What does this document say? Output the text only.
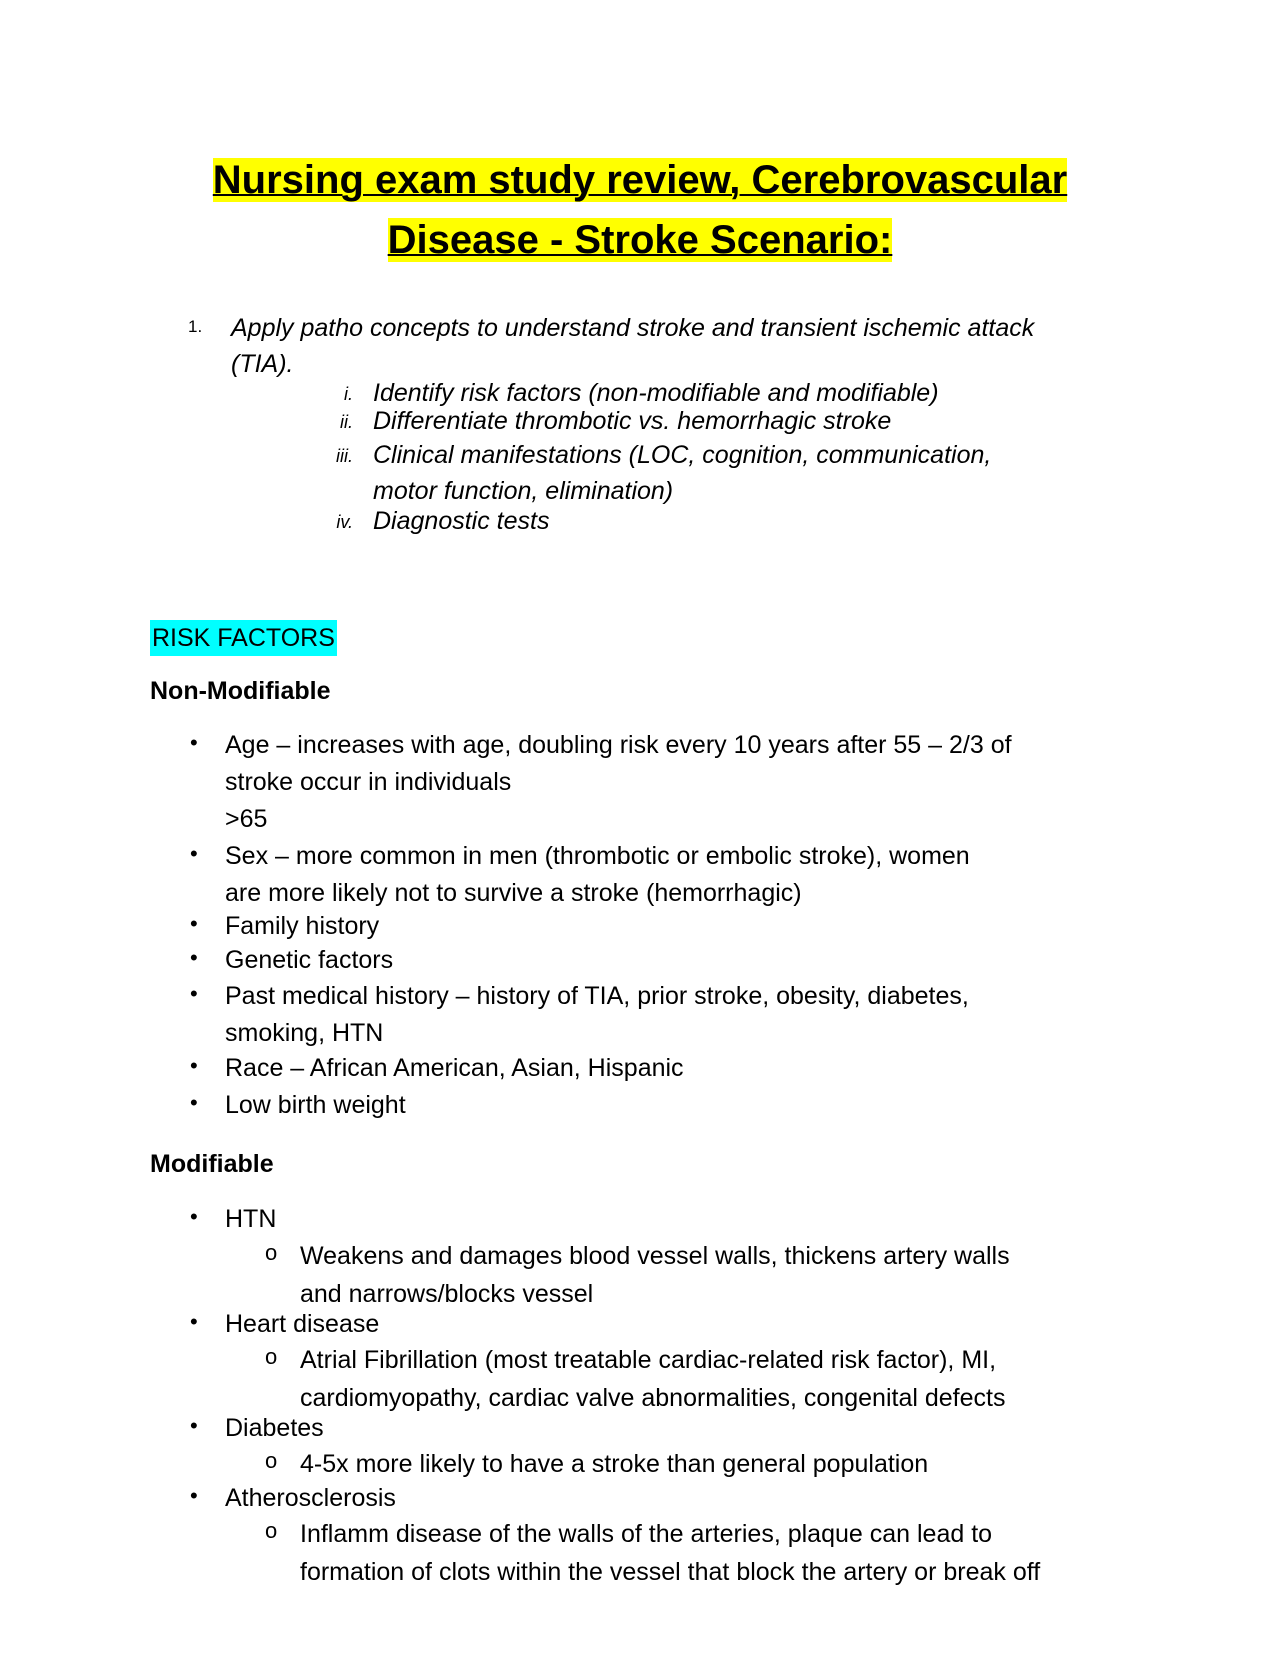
Nursing exam study review, Cerebrovascular
Disease - Stroke Scenario:
1. Apply patho concepts to understand stroke and transient ischemic attack
(TIA).
i. Identify risk factors (non-modifiable and modifiable)
ii. Differentiate thrombotic vs. hemorrhagic stroke
iii. Clinical manifestations (LOC, cognition, communication,
motor function, elimination)
iv. Diagnostic tests
RISK FACTORS
Non-Modifiable
• Age – increases with age, doubling risk every 10 years after 55 – 2/3 of
stroke occur in individuals
>65
• Sex – more common in men (thrombotic or embolic stroke), women
are more likely not to survive a stroke (hemorrhagic)
• Family history
• Genetic factors
• Past medical history – history of TIA, prior stroke, obesity, diabetes,
smoking, HTN
• Race – African American, Asian, Hispanic
• Low birth weight
Modifiable
• HTN
o Weakens and damages blood vessel walls, thickens artery walls
and narrows/blocks vessel
• Heart disease
o Atrial Fibrillation (most treatable cardiac-related risk factor), MI,
cardiomyopathy, cardiac valve abnormalities, congenital defects
• Diabetes
o 4-5x more likely to have a stroke than general population
• Atherosclerosis
o Inflamm disease of the walls of the arteries, plaque can lead to
formation of clots within the vessel that block the artery or break off
